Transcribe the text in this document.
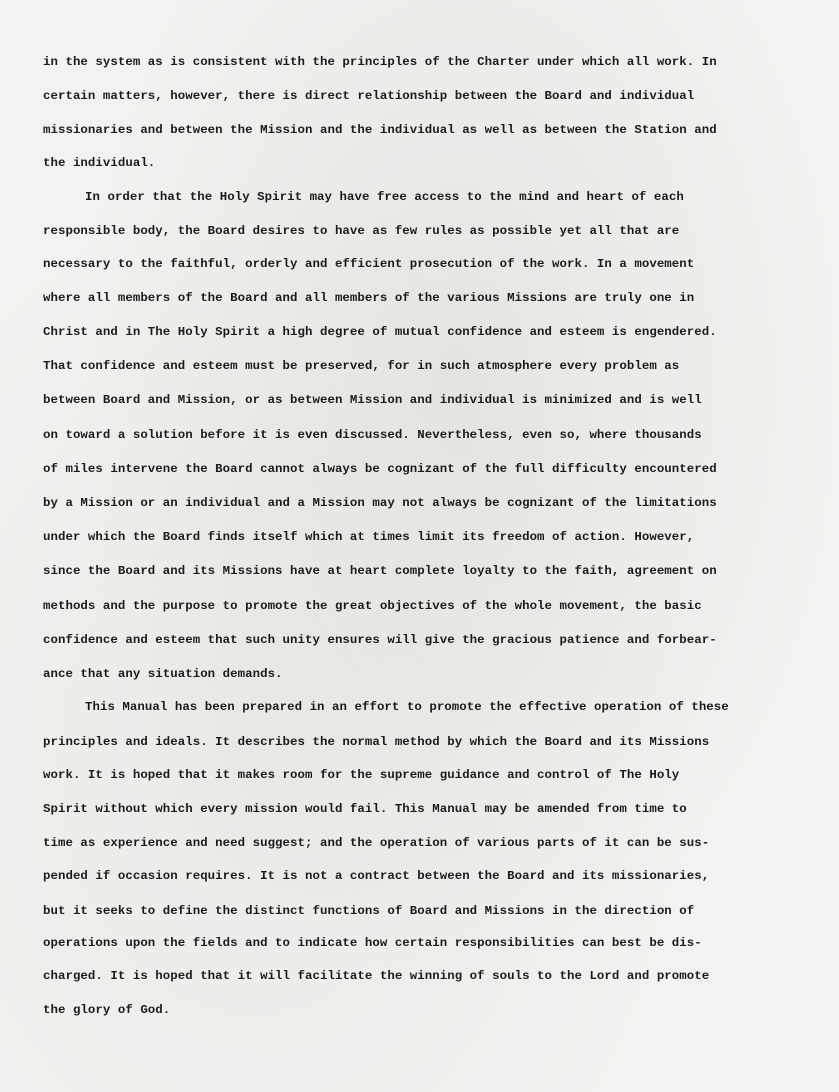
in the system as is consistent with the principles of the Charter under which all work. In

certain matters, however, there is direct relationship between the Board and individual

missionaries and between the Mission and the individual as well as between the Station and

the individual.

In order that the Holy Spirit may have free access to the mind and heart of each

responsible body, the Board desires to have as few rules as possible yet all that are

necessary to the faithful, orderly and efficient prosecution of the work. In a movement

where all members of the Board and all members of the various Missions are truly one in

Christ and in The Holy Spirit a high degree of mutual confidence and esteem is engendered.

That confidence and esteem must be preserved, for in such atmosphere every problem as

between Board and Mission, or as between Mission and individual is minimized and is well

on toward a solution before it is even discussed. Nevertheless, even so, where thousands

of miles intervene the Board cannot always be cognizant of the full difficulty encountered

by a Mission or an individual and a Mission may not always be cognizant of the limitations

under which the Board finds itself which at times limit its freedom of action. However,

since the Board and its Missions have at heart complete loyalty to the faith, agreement on

methods and the purpose to promote the great objectives of the whole movement, the basic

confidence and esteem that such unity ensures will give the gracious patience and forbear-

ance that any situation demands.

This Manual has been prepared in an effort to promote the effective operation of these

principles and ideals. It describes the normal method by which the Board and its Missions

work. It is hoped that it makes room for the supreme guidance and control of The Holy

Spirit without which every mission would fail. This Manual may be amended from time to

time as experience and need suggest; and the operation of various parts of it can be sus-

pended if occasion requires. It is not a contract between the Board and its missionaries,

but it seeks to define the distinct functions of Board and Missions in the direction of

operations upon the fields and to indicate how certain responsibilities can best be dis-

charged. It is hoped that it will facilitate the winning of souls to the Lord and promote

the glory of God.
